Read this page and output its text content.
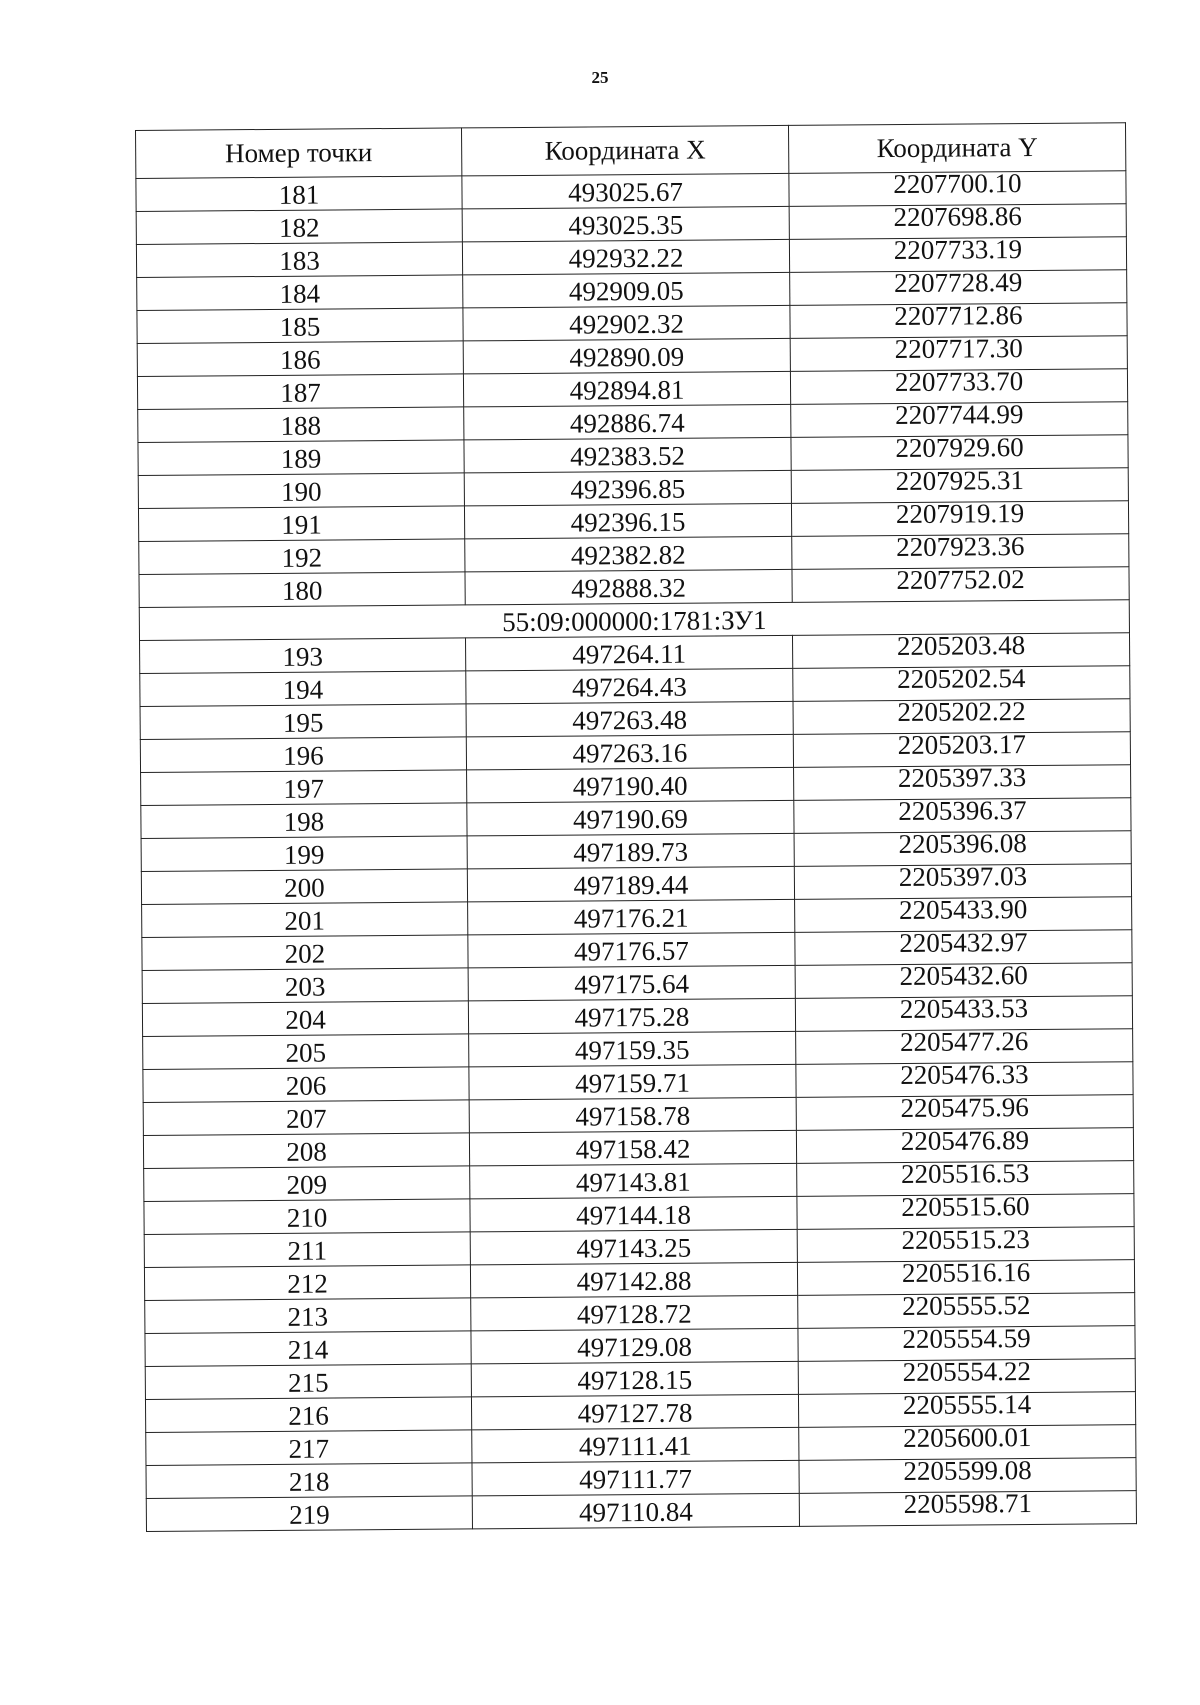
25
Номер точки	Координата X	Координата Y
181	493025.67	2207700.10
182	493025.35	2207698.86
183	492932.22	2207733.19
184	492909.05	2207728.49
185	492902.32	2207712.86
186	492890.09	2207717.30
187	492894.81	2207733.70
188	492886.74	2207744.99
189	492383.52	2207929.60
190	492396.85	2207925.31
191	492396.15	2207919.19
192	492382.82	2207923.36
180	492888.32	2207752.02
55:09:000000:1781:ЗУ1		
193	497264.11	2205203.48
194	497264.43	2205202.54
195	497263.48	2205202.22
196	497263.16	2205203.17
197	497190.40	2205397.33
198	497190.69	2205396.37
199	497189.73	2205396.08
200	497189.44	2205397.03
201	497176.21	2205433.90
202	497176.57	2205432.97
203	497175.64	2205432.60
204	497175.28	2205433.53
205	497159.35	2205477.26
206	497159.71	2205476.33
207	497158.78	2205475.96
208	497158.42	2205476.89
209	497143.81	2205516.53
210	497144.18	2205515.60
211	497143.25	2205515.23
212	497142.88	2205516.16
213	497128.72	2205555.52
214	497129.08	2205554.59
215	497128.15	2205554.22
216	497127.78	2205555.14
217	497111.41	2205600.01
218	497111.77	2205599.08
219	497110.84	2205598.71
